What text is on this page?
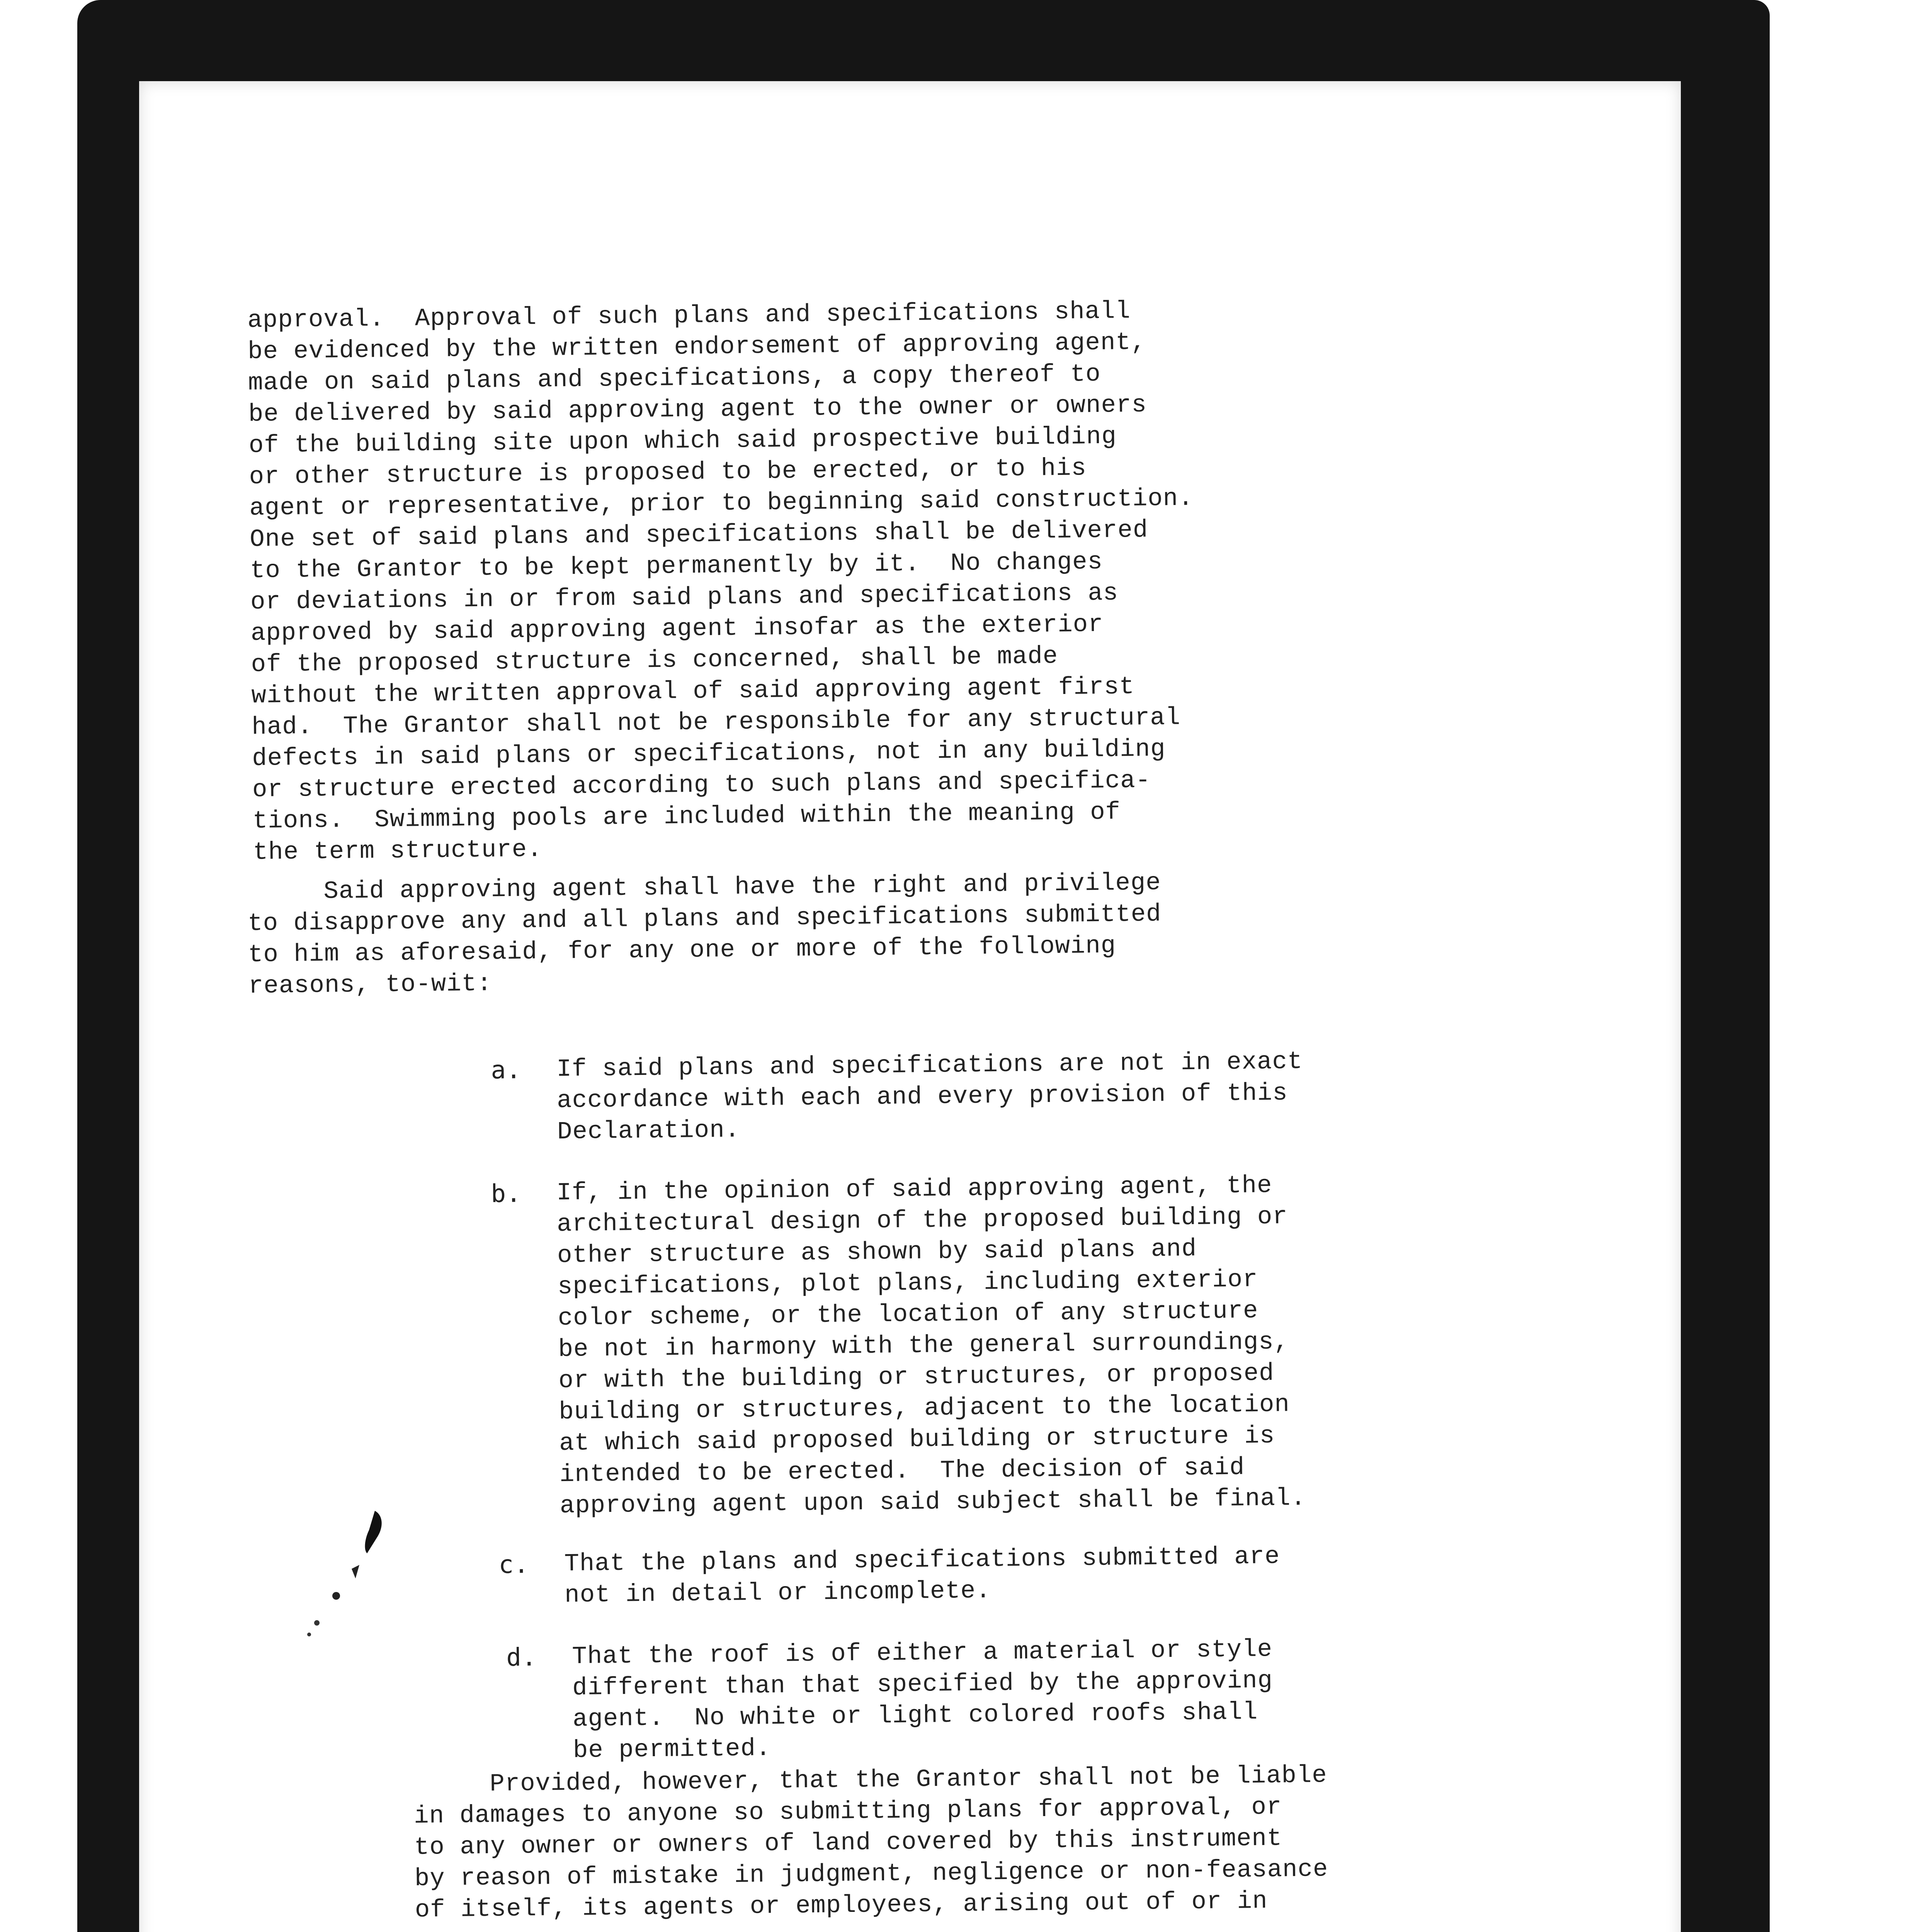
approval.  Approval of such plans and specifications shall
be evidenced by the written endorsement of approving agent,
made on said plans and specifications, a copy thereof to
be delivered by said approving agent to the owner or owners
of the building site upon which said prospective building
or other structure is proposed to be erected, or to his
agent or representative, prior to beginning said construction.
One set of said plans and specifications shall be delivered
to the Grantor to be kept permanently by it.  No changes
or deviations in or from said plans and specifications as
approved by said approving agent insofar as the exterior
of the proposed structure is concerned, shall be made
without the written approval of said approving agent first
had.  The Grantor shall not be responsible for any structural
defects in said plans or specifications, not in any building
or structure erected according to such plans and specifica-
tions.  Swimming pools are included within the meaning of
the term structure.
Said approving agent shall have the right and privilege
to disapprove any and all plans and specifications submitted
to him as aforesaid, for any one or more of the following
reasons, to-wit:
a.	If said plans and specifications are not in exact
accordance with each and every provision of this
Declaration.
b.	If, in the opinion of said approving agent, the
architectural design of the proposed building or
other structure as shown by said plans and
specifications, plot plans, including exterior
color scheme, or the location of any structure
be not in harmony with the general surroundings,
or with the building or structures, or proposed
building or structures, adjacent to the location
at which said proposed building or structure is
intended to be erected.  The decision of said
approving agent upon said subject shall be final.
c.	That the plans and specifications submitted are
not in detail or incomplete.
d.	That the roof is of either a material or style
different than that specified by the approving
agent.  No white or light colored roofs shall
be permitted.
Provided, however, that the Grantor shall not be liable
in damages to anyone so submitting plans for approval, or
to any owner or owners of land covered by this instrument
by reason of mistake in judgment, negligence or non-feasance
of itself, its agents or employees, arising out of or in
